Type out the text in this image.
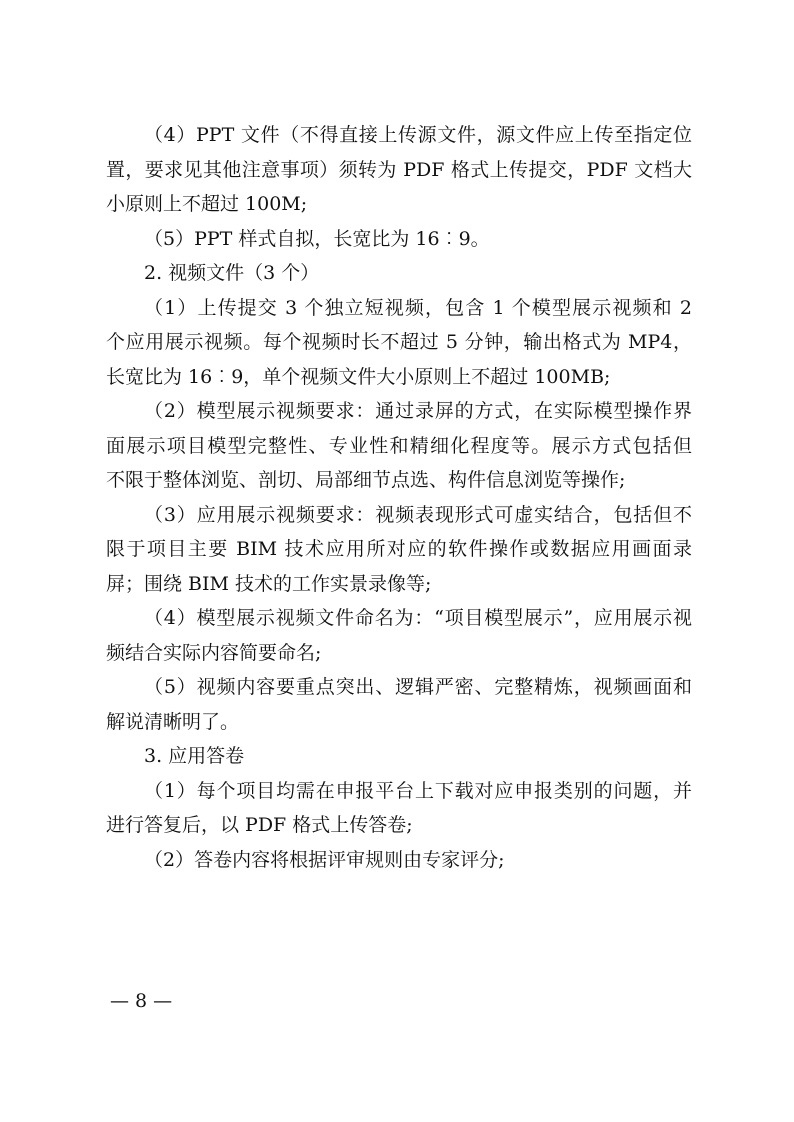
（4）PPT 文件（不得直接上传源文件，源文件应上传至指定位
置，要求见其他注意事项）须转为 PDF 格式上传提交，PDF 文档大
小原则上不超过 100M;
（5）PPT 样式自拟，长宽比为 16︰9。
2. 视频文件（3 个）
（1）上传提交 3 个独立短视频，包含 1 个模型展示视频和 2
个应用展示视频。每个视频时长不超过 5 分钟，输出格式为 MP4，
长宽比为 16︰9，单个视频文件大小原则上不超过 100MB;
（2）模型展示视频要求：通过录屏的方式，在实际模型操作界
面展示项目模型完整性、专业性和精细化程度等。展示方式包括但
不限于整体浏览、剖切、局部细节点选、构件信息浏览等操作;
（3）应用展示视频要求：视频表现形式可虚实结合，包括但不
限于项目主要 BIM 技术应用所对应的软件操作或数据应用画面录
屏；围绕 BIM 技术的工作实景录像等;
（4）模型展示视频文件命名为：“项目模型展示”，应用展示视
频结合实际内容简要命名;
（5）视频内容要重点突出、逻辑严密、完整精炼，视频画面和
解说清晰明了。
3. 应用答卷
（1）每个项目均需在申报平台上下载对应申报类别的问题，并
进行答复后，以 PDF 格式上传答卷;
（2）答卷内容将根据评审规则由专家评分;
— 8 —
